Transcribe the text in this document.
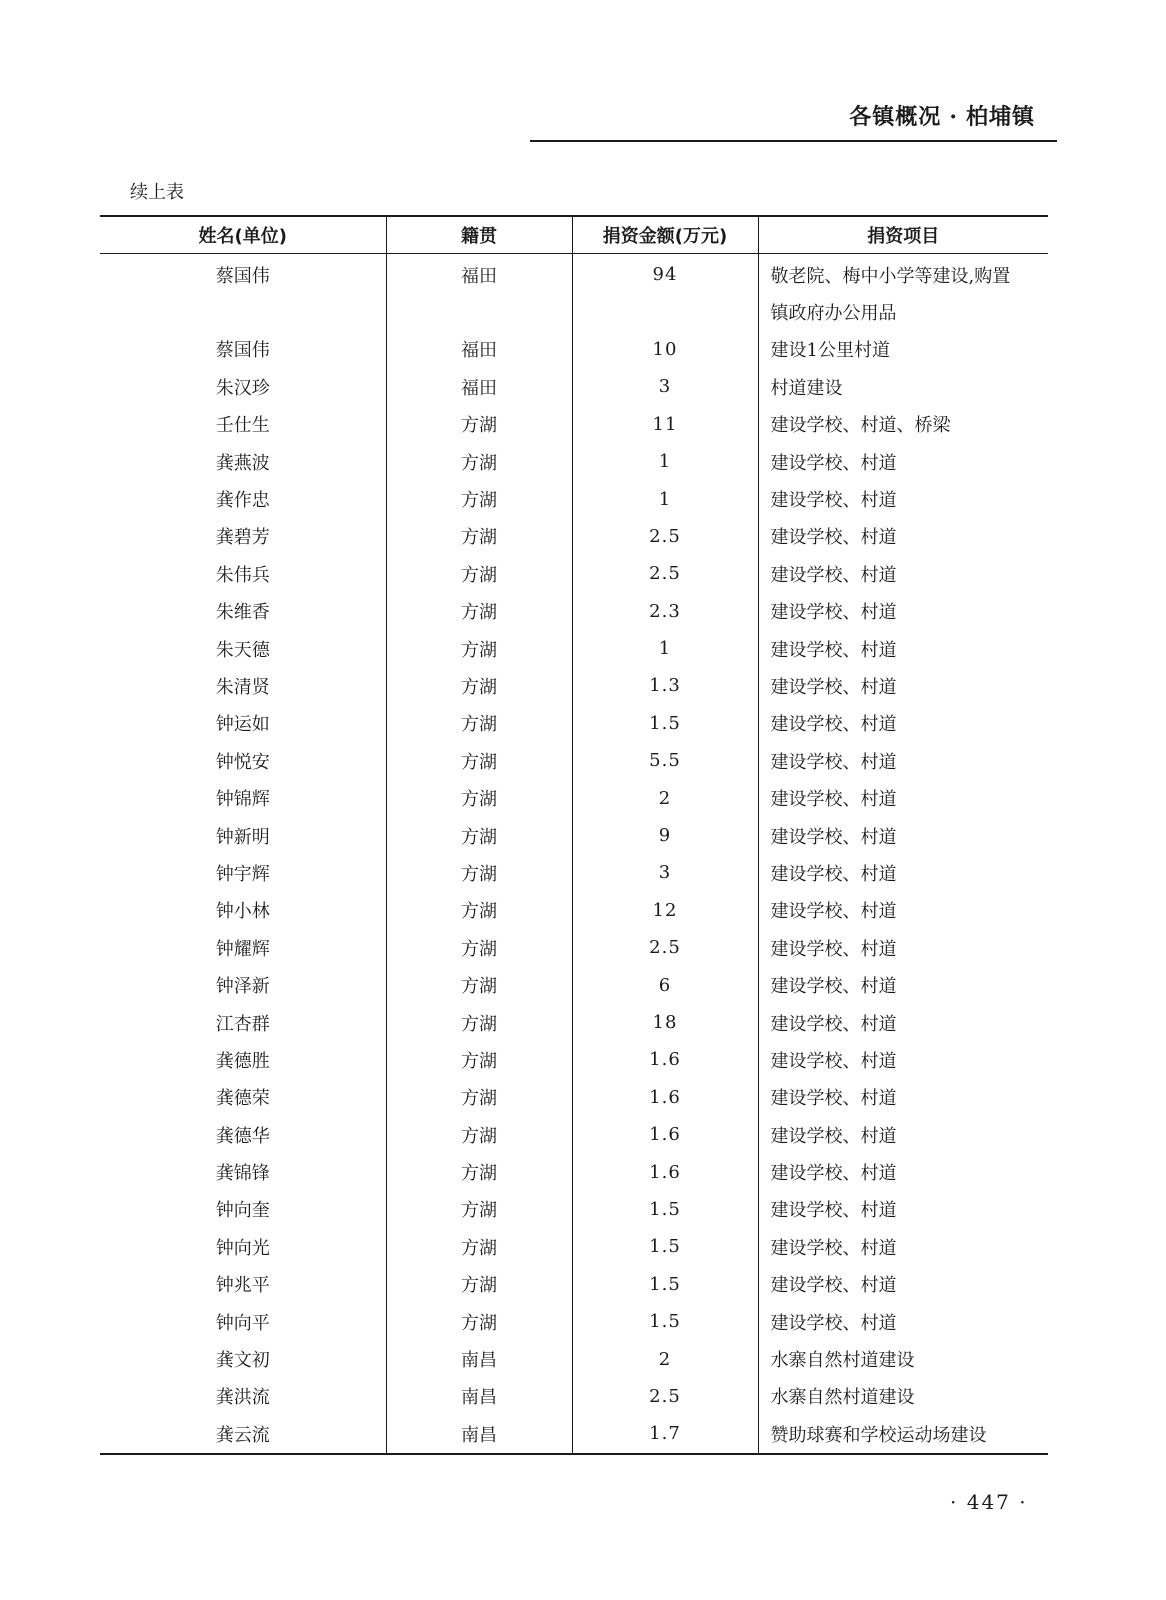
各镇概况 · 柏埔镇
续上表
姓名(单位)	籍贯	捐资金额(万元)	捐资项目
蔡国伟	福田	94	敬老院、梅中小学等建设,购置
			镇政府办公用品
蔡国伟	福田	10	建设1公里村道
朱汉珍	福田	3	村道建设
壬仕生	方湖	11	建设学校、村道、桥梁
龚燕波	方湖	1	建设学校、村道
龚作忠	方湖	1	建设学校、村道
龚碧芳	方湖	2.5	建设学校、村道
朱伟兵	方湖	2.5	建设学校、村道
朱维香	方湖	2.3	建设学校、村道
朱天德	方湖	1	建设学校、村道
朱清贤	方湖	1.3	建设学校、村道
钟运如	方湖	1.5	建设学校、村道
钟悦安	方湖	5.5	建设学校、村道
钟锦辉	方湖	2	建设学校、村道
钟新明	方湖	9	建设学校、村道
钟宇辉	方湖	3	建设学校、村道
钟小林	方湖	12	建设学校、村道
钟耀辉	方湖	2.5	建设学校、村道
钟泽新	方湖	6	建设学校、村道
江杏群	方湖	18	建设学校、村道
龚德胜	方湖	1.6	建设学校、村道
龚德荣	方湖	1.6	建设学校、村道
龚德华	方湖	1.6	建设学校、村道
龚锦锋	方湖	1.6	建设学校、村道
钟向奎	方湖	1.5	建设学校、村道
钟向光	方湖	1.5	建设学校、村道
钟兆平	方湖	1.5	建设学校、村道
钟向平	方湖	1.5	建设学校、村道
龚文初	南昌	2	水寨自然村道建设
龚洪流	南昌	2.5	水寨自然村道建设
龚云流	南昌	1.7	赞助球赛和学校运动场建设
· 447 ·
